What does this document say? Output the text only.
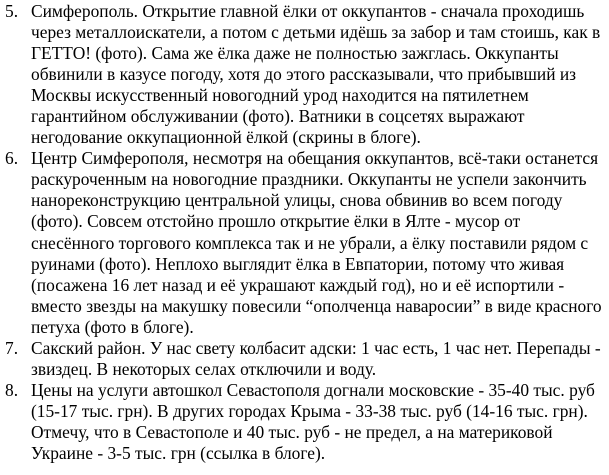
5. Симферополь. Открытие главной ёлки от оккупантов - сначала проходишь
через металлоискатели, а потом с детьми идёшь за забор и там стоишь, как в
ГЕТТО! (фото). Сама же ёлка даже не полностью зажглась. Оккупанты
обвинили в казусе погоду, хотя до этого рассказывали, что прибывший из
Москвы искусственный новогодний урод находится на пятилетнем
гарантийном обслуживании (фото). Ватники в соцсетях выражают
негодование оккупационной ёлкой (скрины в блоге).
6. Центр Симферополя, несмотря на обещания оккупантов, всё-таки останется
раскуроченным на новогодние праздники. Оккупанты не успели закончить
наноpеконструкцию центральной улицы, снова обвинив во всем погоду
(фото). Совсем отстойно прошло открытие ёлки в Ялте - мусор от
снесённого торгового комплекса так и не убрали, а ёлку поставили рядом с
руинами (фото). Неплохо выглядит ёлка в Евпатории, потому что живая
(посажена 16 лет назад и её украшают каждый год), но и её испортили -
вместо звезды на макушку повесили “ополченца наваросии” в виде красного
петуха (фото в блоге).
7. Сакский район. У нас свету колбасит адски: 1 час есть, 1 час нет. Перепады -
звиздец. В некоторых селах отключили и воду.
8. Цены на услуги автошкол Севастополя догнали московские - 35-40 тыс. руб
(15-17 тыс. грн). В других городах Крыма - 33-38 тыс. руб (14-16 тыс. грн).
Отмечу, что в Севастополе и 40 тыс. руб - не предел, а на материковой
Украине - 3-5 тыс. грн (ссылка в блоге).
